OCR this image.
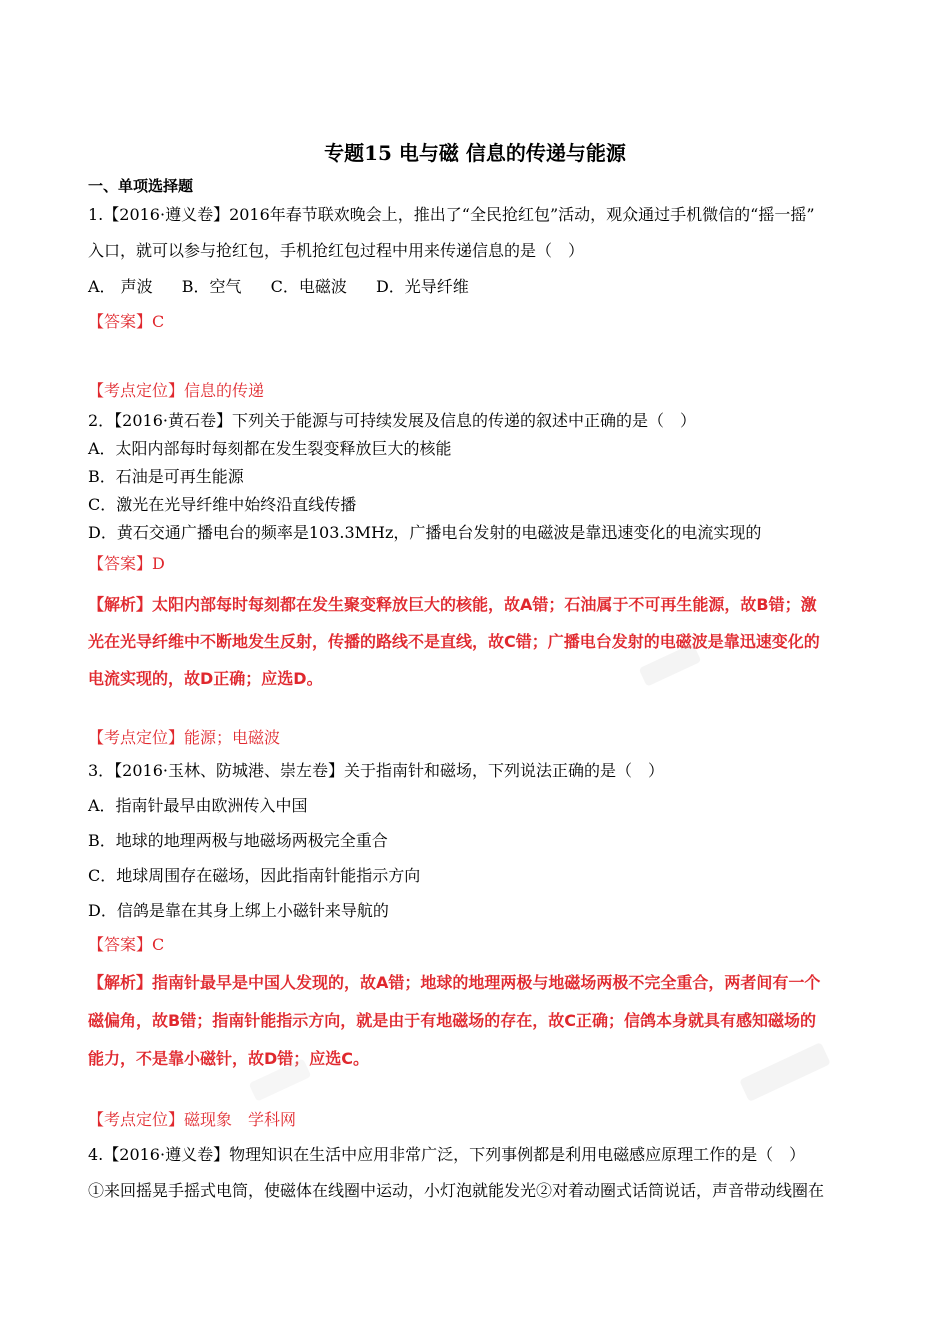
专题15 电与磁 信息的传递与能源
一、单项选择题
1.【2016·遵义卷】2016年春节联欢晚会上，推出了“全民抢红包”活动，观众通过手机微信的“摇一摇”
入口，就可以参与抢红包，手机抢红包过程中用来传递信息的是（　）
A． 声波 B．空气 C．电磁波 D．光导纤维
【答案】C
【考点定位】信息的传递
2．【2016·黄石卷】下列关于能源与可持续发展及信息的传递的叙述中正确的是（　）
A．太阳内部每时每刻都在发生裂变释放巨大的核能
B．石油是可再生能源
C．激光在光导纤维中始终沿直线传播
D．黄石交通广播电台的频率是103.3MHz，广播电台发射的电磁波是靠迅速变化的电流实现的
【答案】D
【解析】太阳内部每时每刻都在发生聚变释放巨大的核能，故A错；石油属于不可再生能源，故B错；激
光在光导纤维中不断地发生反射，传播的路线不是直线，故C错；广播电台发射的电磁波是靠迅速变化的
电流实现的，故D正确；应选D。
【考点定位】能源；电磁波
3．【2016·玉林、防城港、崇左卷】关于指南针和磁场，下列说法正确的是（　）
A．指南针最早由欧洲传入中国
B．地球的地理两极与地磁场两极完全重合
C．地球周围存在磁场，因此指南针能指示方向
D．信鸽是靠在其身上绑上小磁针来导航的
【答案】C
【解析】指南针最早是中国人发现的，故A错；地球的地理两极与地磁场两极不完全重合，两者间有一个
磁偏角，故B错；指南针能指示方向，就是由于有地磁场的存在，故C正确；信鸽本身就具有感知磁场的
能力，不是靠小磁针，故D错；应选C。
【考点定位】磁现象　学科网
4.【2016·遵义卷】物理知识在生活中应用非常广泛，下列事例都是利用电磁感应原理工作的是（　）
①来回摇晃手摇式电筒，使磁体在线圈中运动，小灯泡就能发光②对着动圈式话筒说话，声音带动线圈在
